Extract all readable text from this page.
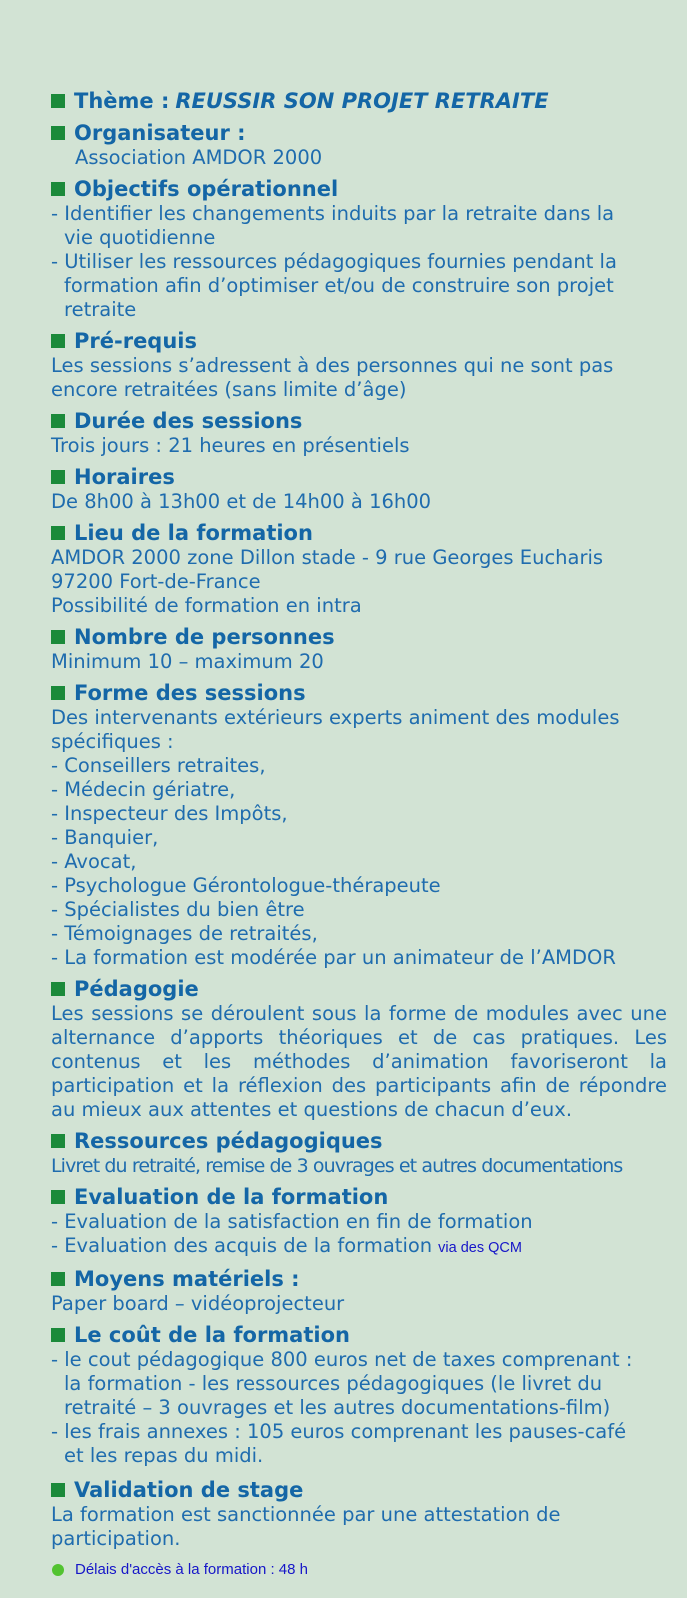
Thème : REUSSIR SON PROJET RETRAITE
Organisateur :
Association AMDOR 2000
Objectifs opérationnel
- Identifier les changements induits par la retraite dans la
vie quotidienne
- Utiliser les ressources pédagogiques fournies pendant la
formation afin d’optimiser et/ou de construire son projet
retraite
Pré-requis
Les sessions s’adressent à des personnes qui ne sont pas
encore retraitées (sans limite d’âge)
Durée des sessions
Trois jours : 21 heures en présentiels
Horaires
De 8h00 à 13h00 et de 14h00 à 16h00
Lieu de la formation
AMDOR 2000 zone Dillon stade - 9 rue Georges Eucharis
97200 Fort-de-France
Possibilité de formation en intra
Nombre de personnes
Minimum 10 – maximum 20
Forme des sessions
Des intervenants extérieurs experts animent des modules
spécifiques :
- Conseillers retraites,
- Médecin gériatre,
- Inspecteur des Impôts,
- Banquier,
- Avocat,
- Psychologue Gérontologue-thérapeute
- Spécialistes du bien être
- Témoignages de retraités,
- La formation est modérée par un animateur de l’AMDOR
Pédagogie
Les sessions se déroulent sous la forme de modules avec une alternance d’apports théoriques et de cas pratiques. Les contenus et les méthodes d’animation favoriseront la participation et la réflexion des participants afin de répondre au mieux aux attentes et questions de chacun d’eux.
Ressources pédagogiques
Livret du retraité, remise de 3 ouvrages et autres documentations
Evaluation de la formation
- Evaluation de la satisfaction en fin de formation
- Evaluation des acquis de la formation via des QCM
Moyens matériels :
Paper board – vidéoprojecteur
Le coût de la formation
- le cout pédagogique 800 euros net de taxes comprenant :
la formation - les ressources pédagogiques (le livret du
retraité – 3 ouvrages et les autres documentations-film)
- les frais annexes : 105 euros comprenant les pauses-café
et les repas du midi.
Validation de stage
La formation est sanctionnée par une attestation de
participation.
Délais d'accès à la formation : 48 h
